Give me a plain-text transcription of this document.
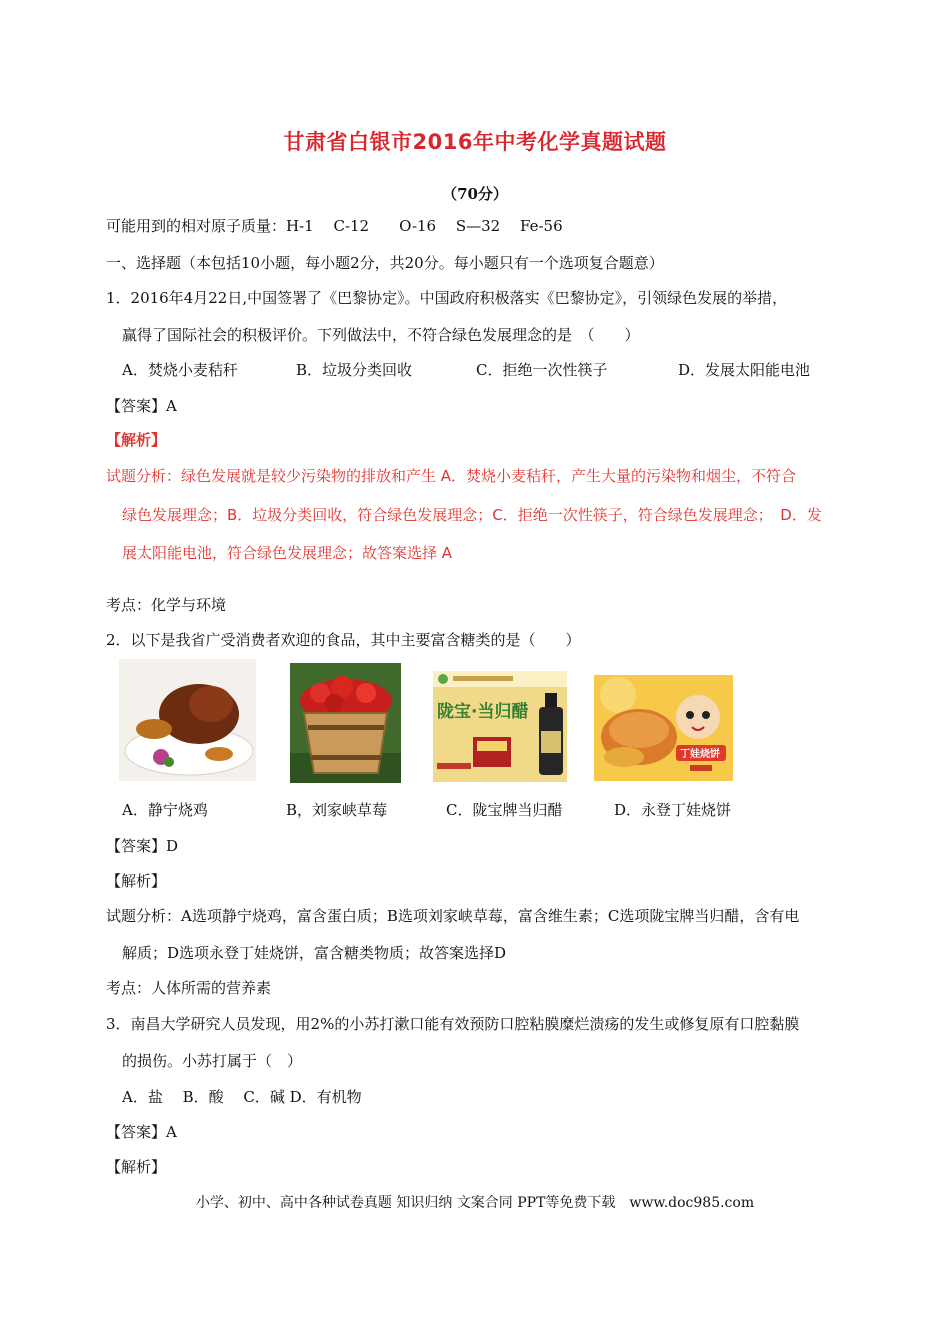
甘肃省白银市2016年中考化学真题试题
（70分）
可能用到的相对原子质量：H-1　 C-12　　O-16　 S—32　 Fe-56
一、选择题（本包括10小题，每小题2分，共20分。每小题只有一个选项复合题意）
1．2016年4月22日,中国签署了《巴黎协定》。中国政府积极落实《巴黎协定》，引领绿色发展的举措，
赢得了国际社会的积极评价。下列做法中，不符合绿色发展理念的是　（　　）
A．焚烧小麦秸秆	B．垃圾分类回收	C．拒绝一次性筷子	D．发展太阳能电池
【答案】A
【解析】
试题分析：绿色发展就是较少污染物的排放和产生 A．焚烧小麦秸秆，产生大量的污染物和烟尘，不符合
绿色发展理念；B．垃圾分类回收，符合绿色发展理念；C．拒绝一次性筷子，符合绿色发展理念；　D．发
展太阳能电池，符合绿色发展理念；故答案选择 A
考点：化学与环境
2．以下是我省广受消费者欢迎的食品，其中主要富含糖类的是（　　）
陇宝·当归醋
丁娃烧饼
A．静宁烧鸡	B，刘家峡草莓	C．陇宝牌当归醋	D．永登丁娃烧饼
【答案】D
【解析】
试题分析：A选项静宁烧鸡，富含蛋白质；B选项刘家峡草莓，富含维生素；C选项陇宝牌当归醋，含有电
解质；D选项永登丁娃烧饼，富含糖类物质；故答案选择D
考点：人体所需的营养素
3．南昌大学研究人员发现，用2%的小苏打漱口能有效预防口腔粘膜糜烂溃疡的发生或修复原有口腔黏膜
的损伤。小苏打属于（　）
A．盐　 B．酸　 C．碱 D．有机物
【答案】A
【解析】
小学、初中、高中各种试卷真题 知识归纳 文案合同 PPT等免费下载　www.doc985.com
